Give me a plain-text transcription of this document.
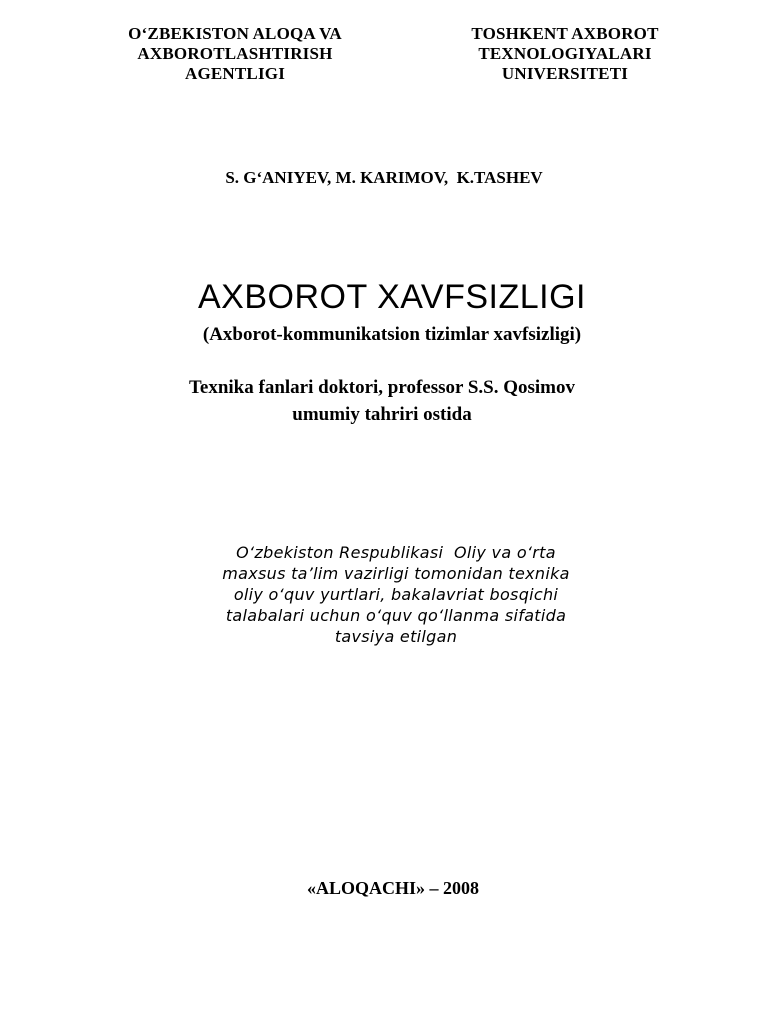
O‘ZBEKISTON ALOQA VA
AXBOROTLASHTIRISH
AGENTLIGI
TOSHKENT AXBOROT
TEXNOLOGIYALARI
UNIVERSITETI
S. G‘ANIYEV, M. KARIMOV,  K.TASHEV
AXBOROT XAVFSIZLIGI
(Axborot-kommunikatsion tizimlar xavfsizligi)
Texnika fanlari doktori, professor S.S. Qosimov
umumiy tahriri ostida
O‘zbekiston Respublikasi  Oliy va o‘rta
maxsus ta’lim vazirligi tomonidan texnika
oliy o‘quv yurtlari, bakalavriat bosqichi
talabalari uchun o‘quv qo‘llanma sifatida
tavsiya etilgan
«ALOQACHI» – 2008
